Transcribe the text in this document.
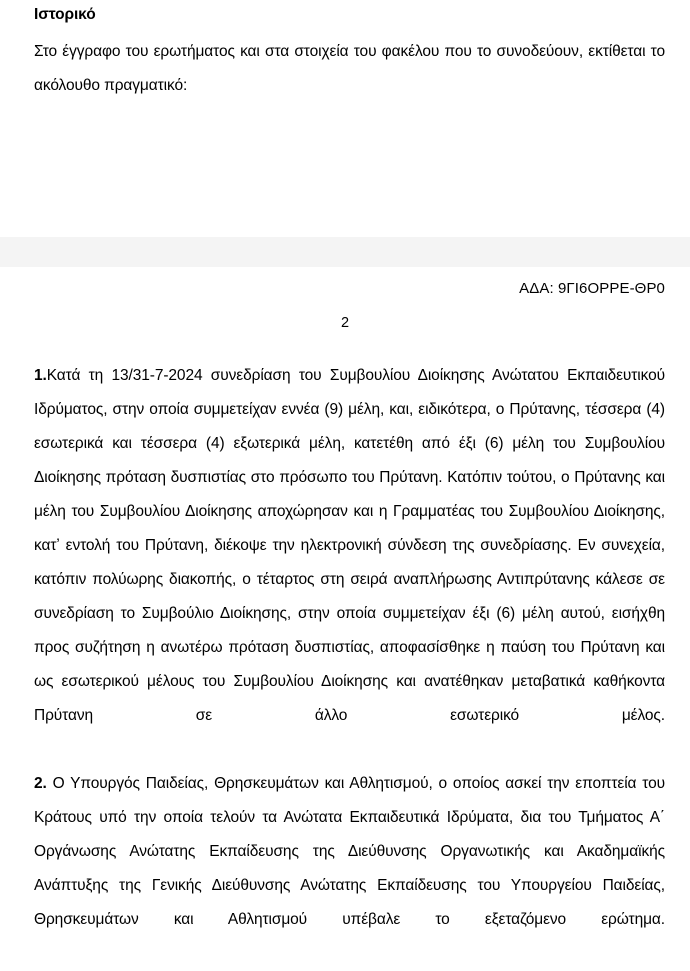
Ιστορικό

Στο έγγραφο του ερωτήματος και στα στοιχεία του φακέλου που το συνοδεύουν, εκτίθεται το ακόλουθο πραγματικό:

ΑΔΑ: 9ΓΙ6ΟΡΡΕ-ΘΡ0
2

1.Κατά τη 13/31-7-2024 συνεδρίαση του Συμβουλίου Διοίκησης Ανώτατου Εκπαιδευτικού Ιδρύματος, στην οποία συμμετείχαν εννέα (9) μέλη, και, ειδικότερα, ο Πρύτανης, τέσσερα (4) εσωτερικά και τέσσερα (4) εξωτερικά μέλη, κατετέθη από έξι (6) μέλη του Συμβουλίου Διοίκησης πρόταση δυσπιστίας στο πρόσωπο του Πρύτανη. Κατόπιν τούτου, ο Πρύτανης και μέλη του Συμβουλίου Διοίκησης αποχώρησαν και η Γραμματέας του Συμβουλίου Διοίκησης, κατʼ εντολή του Πρύτανη, διέκοψε την ηλεκτρονική σύνδεση της συνεδρίασης. Εν συνεχεία, κατόπιν πολύωρης διακοπής, ο τέταρτος στη σειρά αναπλήρωσης Αντιπρύτανης κάλεσε σε συνεδρίαση το Συμβούλιο Διοίκησης, στην οποία συμμετείχαν έξι (6) μέλη αυτού, εισήχθη προς συζήτηση η ανωτέρω πρόταση δυσπιστίας, αποφασίσθηκε η παύση του Πρύτανη και ως εσωτερικού μέλους του Συμβουλίου Διοίκησης και ανατέθηκαν μεταβατικά καθήκοντα Πρύτανη σε άλλο εσωτερικό μέλος.

2. Ο Υπουργός Παιδείας, Θρησκευμάτων και Αθλητισμού, ο οποίος ασκεί την εποπτεία του Κράτους υπό την οποία τελούν τα Ανώτατα Εκπαιδευτικά Ιδρύματα, δια του Τμήματος Α΄ Οργάνωσης Ανώτατης Εκπαίδευσης της Διεύθυνσης Οργανωτικής και Ακαδημαϊκής Ανάπτυξης της Γενικής Διεύθυνσης Ανώτατης Εκπαίδευσης του Υπουργείου Παιδείας, Θρησκευμάτων και Αθλητισμού υπέβαλε το εξεταζόμενο ερώτημα.
